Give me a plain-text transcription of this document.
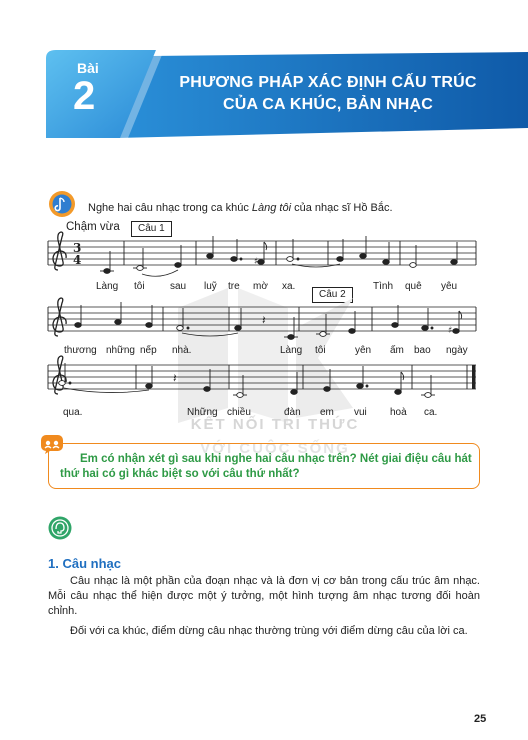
Bài
2	PHƯƠNG PHÁP XÁC ĐỊNH CẤU TRÚC
CỦA CA KHÚC, BẢN NHẠC
Nghe hai câu nhạc trong ca khúc Làng tôi của nhạc sĩ Hồ Bắc.
Chậm vừa	Câu 1
Câu 2
KẾT NỐI TRI THỨC
VỚI CUỘC SỐNG
3
4	♯
𝄽
♯
𝄽
Làng tôi	sau luỹ tre mờ xa.	Tình quê yêu
thương những nếp nhà.	Làng tôi	yên ấm bao ngày
qua.	Những chiều	đàn em vui hoà ca.
Em có nhận xét gì sau khi nghe hai câu nhạc trên? Nét giai điệu câu hát thứ hai có gì khác biệt so với câu thứ nhất?
1. Câu nhạc
Câu nhạc là một phần của đoạn nhạc và là đơn vị cơ bản trong cấu trúc âm nhạc. Mỗi câu nhạc thể hiện được một ý tưởng, một hình tượng âm nhạc tương đối hoàn chỉnh.
Đối với ca khúc, điểm dừng câu nhạc thường trùng với điểm dừng câu của lời ca.
25
